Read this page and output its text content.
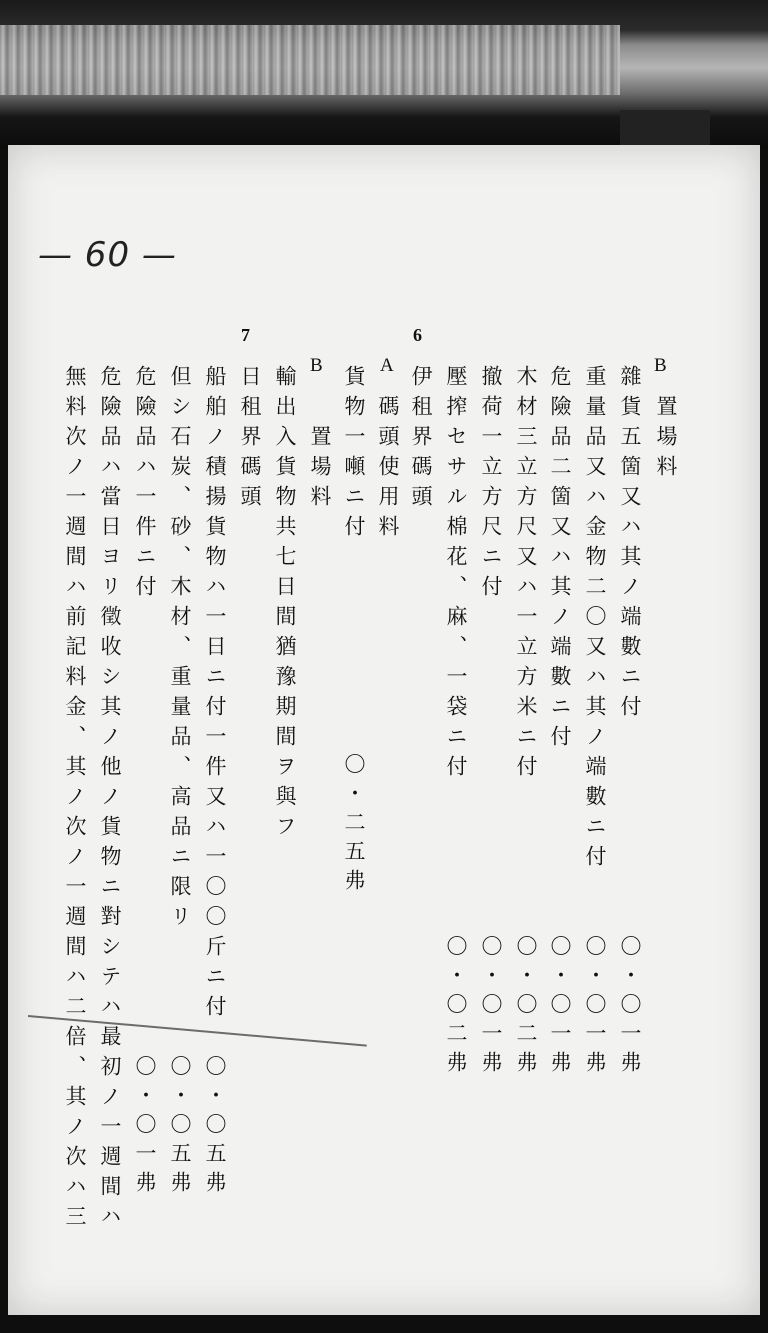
— 60 —
6
7
B
A
B
置場料
雜貨五箇又ハ其ノ端數ニ付
重量品又ハ金物二〇又ハ其ノ端數ニ付
危險品二箇又ハ其ノ端數ニ付
木材三立方尺又ハ一立方米ニ付
撤荷一立方尺ニ付
壓搾セサル棉花、麻、一袋ニ付
伊租界碼頭
碼頭使用料
貨物一噸ニ付
置場料
輸出入貨物共七日間猶豫期間ヲ與フ
日租界碼頭
船舶ノ積揚貨物ハ一日ニ付一件又ハ一〇〇斤ニ付
但シ石炭、砂、木材、重量品、高品ニ限リ
危險品ハ一件ニ付
危險品ハ當日ヨリ徵收シ其ノ他ノ貨物ニ對シテハ最初ノ一週間ハ
無料次ノ一週間ハ前記料金、其ノ次ノ一週間ハ二倍、其ノ次ハ三	〇・〇一弗
〇・〇一弗
〇・〇一弗
〇・〇二弗
〇・〇一弗
〇・〇二弗
〇・二五弗
〇・〇五弗
〇・〇五弗
〇・〇一弗
